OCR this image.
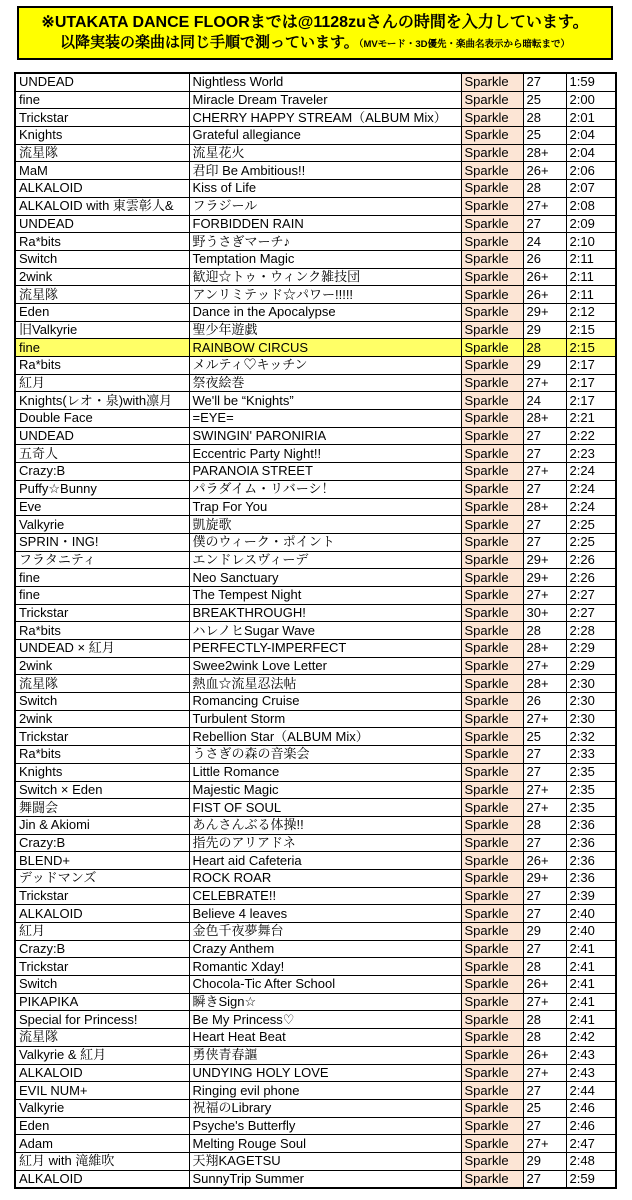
※UTAKATA DANCE FLOORまでは@1128zuさんの時間を入力しています。
以降実装の楽曲は同じ手順で測っています。（MVモード・3D優先・楽曲名表示から暗転まで）
UNDEAD	Nightless World	Sparkle	27	1:59
fine	Miracle Dream Traveler	Sparkle	25	2:00
Trickstar	CHERRY HAPPY STREAM（ALBUM Mix）	Sparkle	28	2:01
Knights	Grateful allegiance	Sparkle	25	2:04
流星隊	流星花火	Sparkle	28+	2:04
MaM	君印 Be Ambitious!!	Sparkle	26+	2:06
ALKALOID	Kiss of Life	Sparkle	28	2:07
ALKALOID with 東雲彰人&	フラジール	Sparkle	27+	2:08
UNDEAD	FORBIDDEN RAIN	Sparkle	27	2:09
Ra*bits	野うさぎマーチ♪	Sparkle	24	2:10
Switch	Temptation Magic	Sparkle	26	2:11
2wink	歓迎☆トゥ・ウィンク雑技団	Sparkle	26+	2:11
流星隊	アンリミテッド☆パワー!!!!!	Sparkle	26+	2:11
Eden	Dance in the Apocalypse	Sparkle	29+	2:12
旧Valkyrie	聖少年遊戯	Sparkle	29	2:15
fine	RAINBOW CIRCUS	Sparkle	28	2:15
Ra*bits	メルティ♡キッチン	Sparkle	29	2:17
紅月	祭夜絵巻	Sparkle	27+	2:17
Knights(レオ・泉)with凛月	We'll be “Knights”	Sparkle	24	2:17
Double Face	=EYE=	Sparkle	28+	2:21
UNDEAD	SWINGIN' PARONIRIA	Sparkle	27	2:22
五奇人	Eccentric Party Night!!	Sparkle	27	2:23
Crazy:B	PARANOIA STREET	Sparkle	27+	2:24
Puffy☆Bunny	パラダイム・リバーシ！	Sparkle	27	2:24
Eve	Trap For You	Sparkle	28+	2:24
Valkyrie	凱旋歌	Sparkle	27	2:25
SPRIN・ING!	僕のウィーク・ポイント	Sparkle	27	2:25
フラタニティ	エンドレスヴィーデ	Sparkle	29+	2:26
fine	Neo Sanctuary	Sparkle	29+	2:26
fine	The Tempest Night	Sparkle	27+	2:27
Trickstar	BREAKTHROUGH!	Sparkle	30+	2:27
Ra*bits	ハレノヒSugar Wave	Sparkle	28	2:28
UNDEAD × 紅月	PERFECTLY-IMPERFECT	Sparkle	28+	2:29
2wink	Swee2wink Love Letter	Sparkle	27+	2:29
流星隊	熱血☆流星忍法帖	Sparkle	28+	2:30
Switch	Romancing Cruise	Sparkle	26	2:30
2wink	Turbulent Storm	Sparkle	27+	2:30
Trickstar	Rebellion Star（ALBUM Mix）	Sparkle	25	2:32
Ra*bits	うさぎの森の音楽会	Sparkle	27	2:33
Knights	Little Romance	Sparkle	27	2:35
Switch × Eden	Majestic Magic	Sparkle	27+	2:35
舞闘会	FIST OF SOUL	Sparkle	27+	2:35
Jin & Akiomi	あんさんぶる体操!!	Sparkle	28	2:36
Crazy:B	指先のアリアドネ	Sparkle	27	2:36
BLEND+	Heart aid Cafeteria	Sparkle	26+	2:36
デッドマンズ	ROCK ROAR	Sparkle	29+	2:36
Trickstar	CELEBRATE!!	Sparkle	27	2:39
ALKALOID	Believe 4 leaves	Sparkle	27	2:40
紅月	金色千夜夢舞台	Sparkle	29	2:40
Crazy:B	Crazy Anthem	Sparkle	27	2:41
Trickstar	Romantic Xday!	Sparkle	28	2:41
Switch	Chocola-Tic After School	Sparkle	26+	2:41
PIKAPIKA	瞬きSign☆	Sparkle	27+	2:41
Special for Princess!	Be My Princess♡	Sparkle	28	2:41
流星隊	Heart Heat Beat	Sparkle	28	2:42
Valkyrie & 紅月	勇侠青春謳	Sparkle	26+	2:43
ALKALOID	UNDYING HOLY LOVE	Sparkle	27+	2:43
EVIL NUM+	Ringing evil phone	Sparkle	27	2:44
Valkyrie	祝福のLibrary	Sparkle	25	2:46
Eden	Psyche's Butterfly	Sparkle	27	2:46
Adam	Melting Rouge Soul	Sparkle	27+	2:47
紅月 with 滝維吹	天翔KAGETSU	Sparkle	29	2:48
ALKALOID	SunnyTrip Summer	Sparkle	27	2:59
